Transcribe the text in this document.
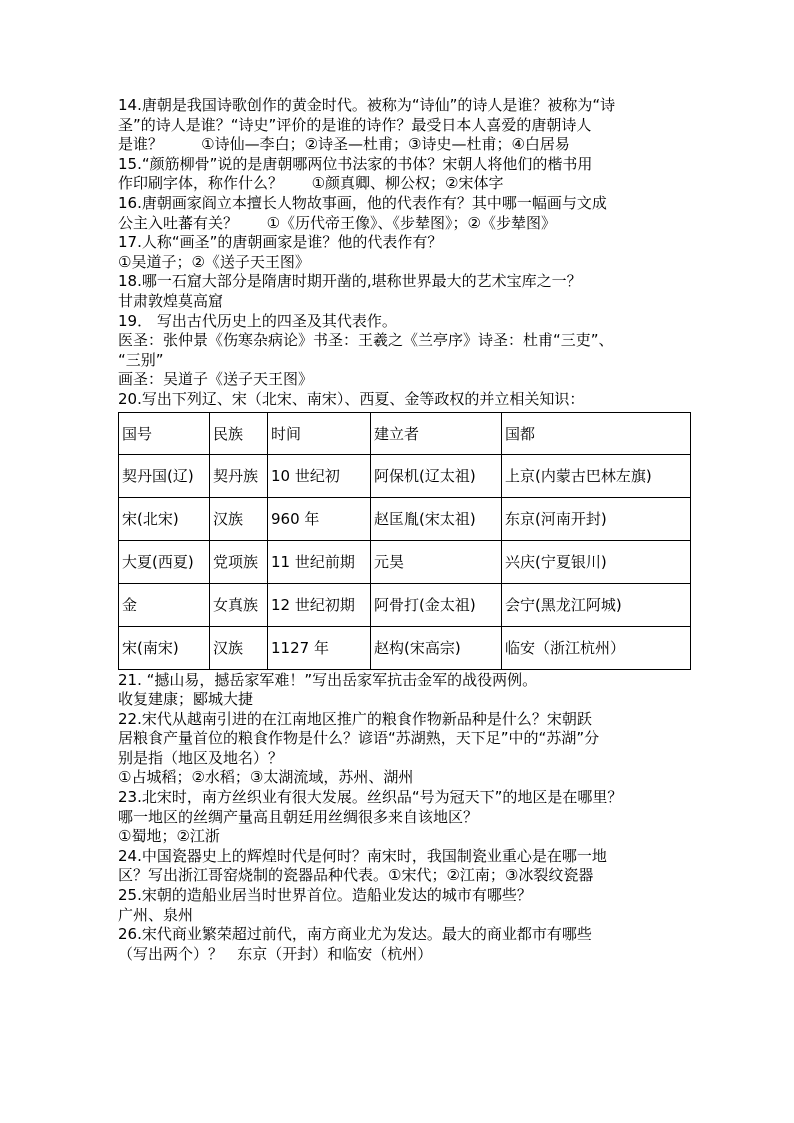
14.唐朝是我国诗歌创作的黄金时代。被称为“诗仙”的诗人是谁？被称为“诗
圣”的诗人是谁？“诗史”评价的是谁的诗作？最受日本人喜爱的唐朝诗人
是谁？        ①诗仙—李白；②诗圣—杜甫；③诗史—杜甫；④白居易
15.“颜筋柳骨”说的是唐朝哪两位书法家的书体？宋朝人将他们的楷书用
作印刷字体，称作什么？      ①颜真卿、柳公权；②宋体字
16.唐朝画家阎立本擅长人物故事画，他的代表作有？其中哪一幅画与文成
公主入吐蕃有关？      ①《历代帝王像》、《步辇图》；②《步辇图》
17.人称“画圣”的唐朝画家是谁？他的代表作有？
①吴道子；②《送子天王图》
18.哪一石窟大部分是隋唐时期开凿的,堪称世界最大的艺术宝库之一？
甘肃敦煌莫高窟
19． 写出古代历史上的四圣及其代表作。
医圣：张仲景《伤寒杂病论》书圣：王羲之《兰亭序》诗圣：杜甫“三吏”、
“三别”
画圣：吴道子《送子天王图》
20.写出下列辽、宋（北宋、南宋）、西夏、金等政权的并立相关知识：
国号	民族	时间	建立者	国都
契丹国(辽)	契丹族	10 世纪初	阿保机(辽太祖)	上京(内蒙古巴林左旗)
宋(北宋)	汉族	960 年	赵匡胤(宋太祖)	东京(河南开封)
大夏(西夏)	党项族	11 世纪前期	元昊	兴庆(宁夏银川)
金	女真族	12 世纪初期	阿骨打(金太祖)	会宁(黑龙江阿城)
宋(南宋)	汉族	1127 年	赵构(宋高宗)	临安（浙江杭州）
21. “撼山易，撼岳家军难！”写出岳家军抗击金军的战役两例。
收复建康；郾城大捷
22.宋代从越南引进的在江南地区推广的粮食作物新品种是什么？宋朝跃
居粮食产量首位的粮食作物是什么？谚语“苏湖熟，天下足”中的“苏湖”分
别是指（地区及地名）？
①占城稻；②水稻；③太湖流域，苏州、湖州
23.北宋时，南方丝织业有很大发展。丝织品“号为冠天下”的地区是在哪里？
哪一地区的丝绸产量高且朝廷用丝绸很多来自该地区？
①蜀地；②江浙
24.中国瓷器史上的辉煌时代是何时？南宋时，我国制瓷业重心是在哪一地
区？写出浙江哥窑烧制的瓷器品种代表。①宋代；②江南；③冰裂纹瓷器
25.宋朝的造船业居当时世界首位。造船业发达的城市有哪些？
广州、泉州
26.宋代商业繁荣超过前代，南方商业尤为发达。最大的商业都市有哪些
（写出两个）？   东京（开封）和临安（杭州）
